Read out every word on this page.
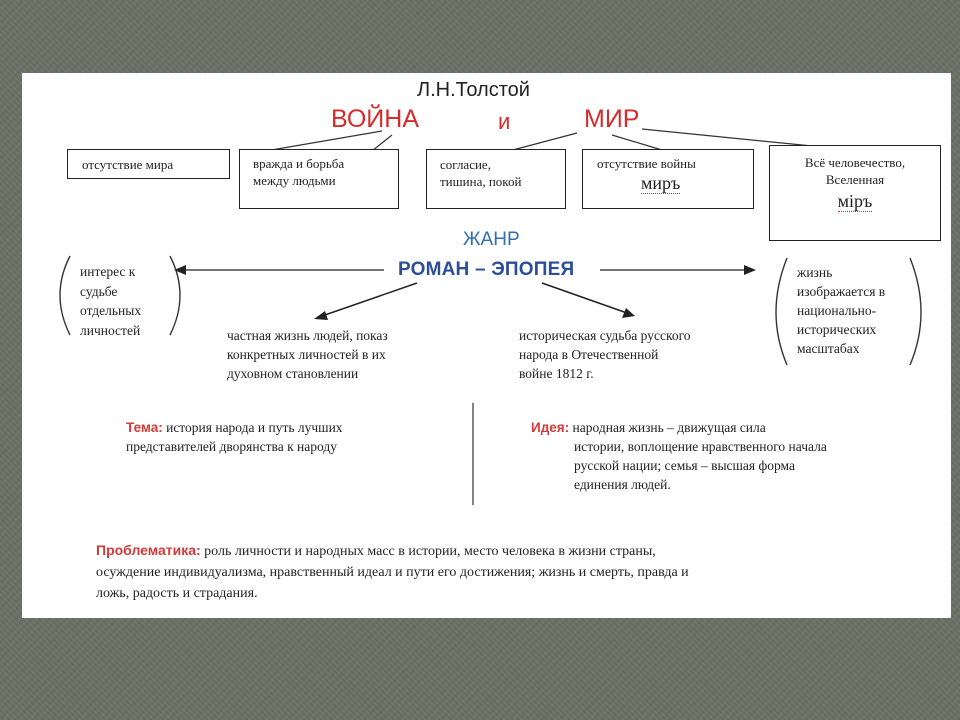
Л.Н.Толстой
ВОЙНА	и	МИР
отсутствие мира	вражда и борьба
между людьми
согласие,
тишина, покой
отсутствие войны
миръ
Всё человечество,
Вселенная
мiръ
ЖАНР
РОМАН – ЭПОПЕЯ
интерес к
судьбе
отдельных
личностей
жизнь
изображается в
национально-
исторических
масштабах
частная жизнь людей, показ
конкретных личностей в их
духовном становлении
историческая судьба русского
народа в Отечественной
войне 1812 г.
Тема: история народа и путь лучших
представителей дворянства к народу
Идея: народная жизнь – движущая сила
истории, воплощение нравственного начала
русской нации; семья – высшая форма
единения людей.
Проблематика: роль личности и народных масс в истории, место человека в жизни страны,
осуждение индивидуализма, нравственный идеал и пути его достижения; жизнь и смерть, правда и
ложь, радость и страдания.
